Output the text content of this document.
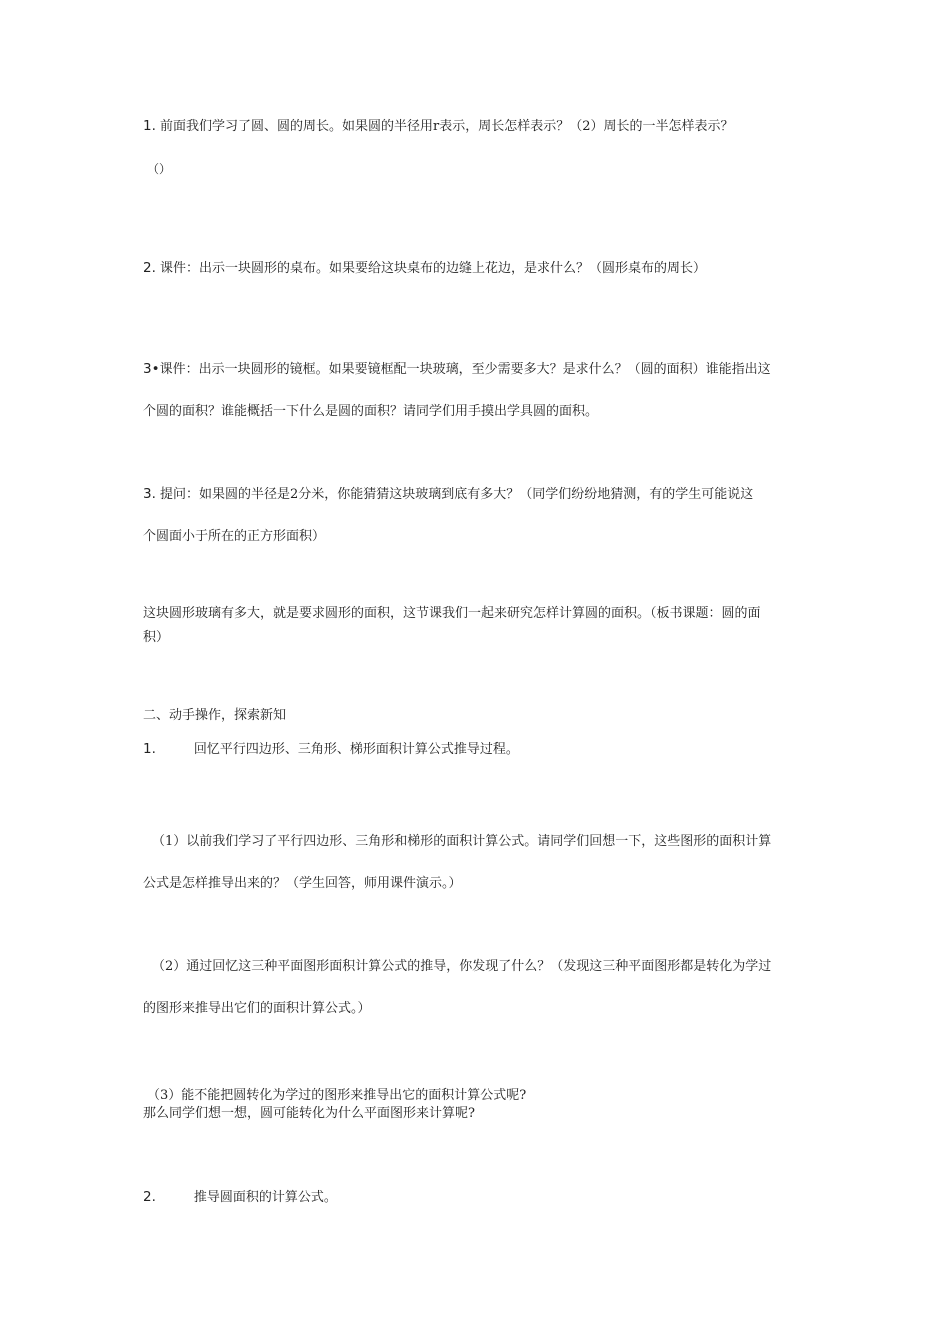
1. 前面我们学习了圆、圆的周长。如果圆的半径用r表示，周长怎样表示？（2）周长的一半怎样表示？

（）

2. 课件：出示一块圆形的桌布。如果要给这块桌布的边缝上花边，是求什么？（圆形桌布的周长）

3•课件：出示一块圆形的镜框。如果要镜框配一块玻璃，至少需要多大？是求什么？（圆的面积）谁能指出这
个圆的面积？谁能概括一下什么是圆的面积？请同学们用手摸出学具圆的面积。

3. 提问：如果圆的半径是2分米，你能猜猜这块玻璃到底有多大？（同学们纷纷地猜测，有的学生可能说这
个圆面小于所在的正方形面积）

这块圆形玻璃有多大，就是要求圆形的面积，这节课我们一起来研究怎样计算圆的面积。（板书课题：圆的面
积）

二、动手操作，探索新知

1.	回忆平行四边形、三角形、梯形面积计算公式推导过程。

（1）以前我们学习了平行四边形、三角形和梯形的面积计算公式。请同学们回想一下，这些图形的面积计算
公式是怎样推导出来的？（学生回答，师用课件演示。）

（2）通过回忆这三种平面图形面积计算公式的推导，你发现了什么？（发现这三种平面图形都是转化为学过
的图形来推导出它们的面积计算公式。）

（3）能不能把圆转化为学过的图形来推导出它的面积计算公式呢?
那么同学们想一想，圆可能转化为什么平面图形来计算呢?

2.	推导圆面积的计算公式。
